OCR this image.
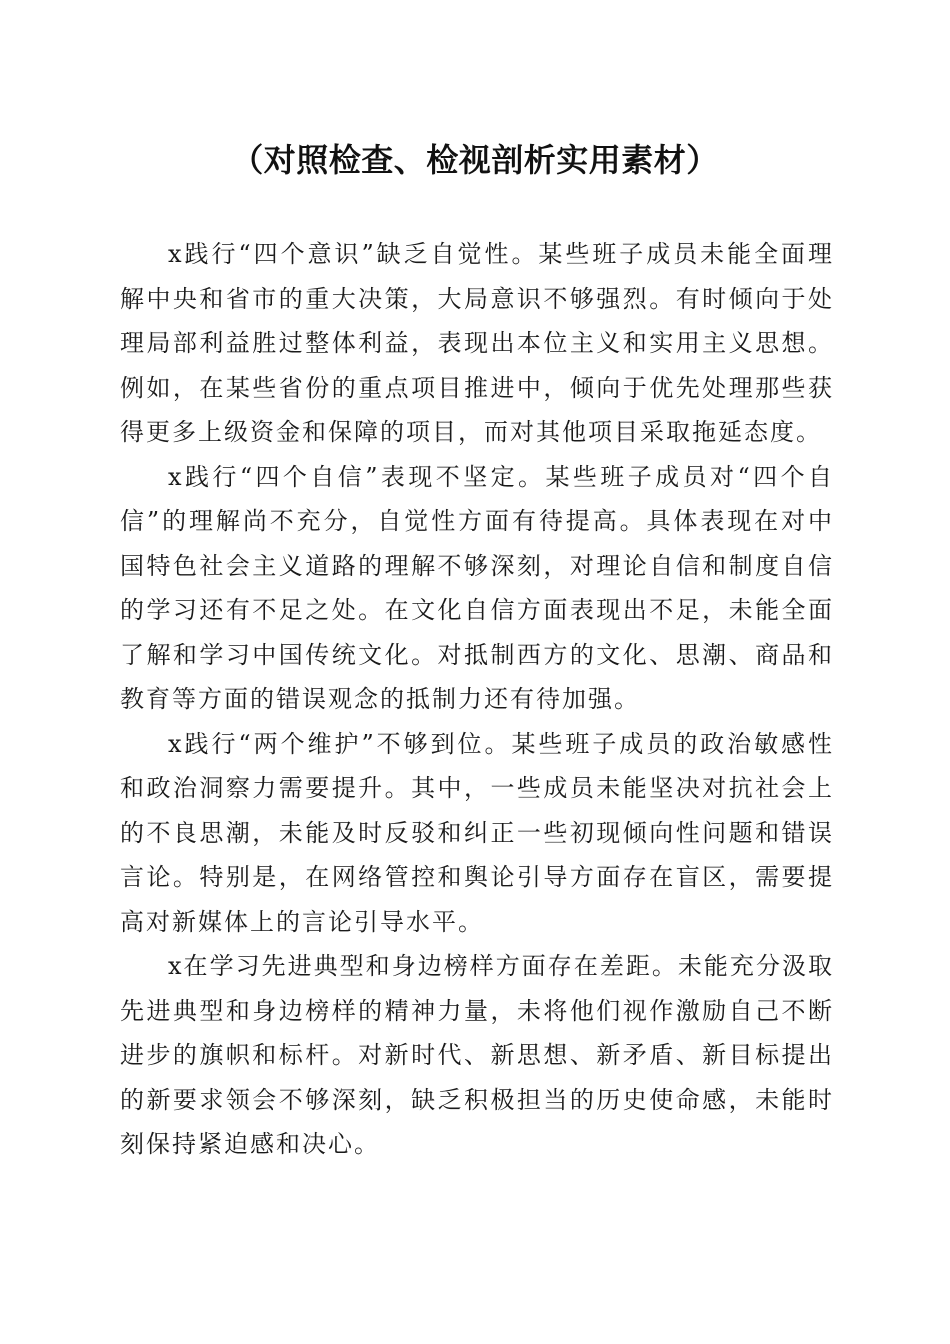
（对照检查、检视剖析实用素材）

x践行“四个意识”缺乏自觉性。某些班子成员未能全面理解中央和省市的重大决策，大局意识不够强烈。有时倾向于处理局部利益胜过整体利益，表现出本位主义和实用主义思想。例如，在某些省份的重点项目推进中，倾向于优先处理那些获得更多上级资金和保障的项目，而对其他项目采取拖延态度。

x践行“四个自信”表现不坚定。某些班子成员对“四个自信”的理解尚不充分，自觉性方面有待提高。具体表现在对中国特色社会主义道路的理解不够深刻，对理论自信和制度自信的学习还有不足之处。在文化自信方面表现出不足，未能全面了解和学习中国传统文化。对抵制西方的文化、思潮、商品和教育等方面的错误观念的抵制力还有待加强。

x践行“两个维护”不够到位。某些班子成员的政治敏感性和政治洞察力需要提升。其中，一些成员未能坚决对抗社会上的不良思潮，未能及时反驳和纠正一些初现倾向性问题和错误言论。特别是，在网络管控和舆论引导方面存在盲区，需要提高对新媒体上的言论引导水平。

x在学习先进典型和身边榜样方面存在差距。未能充分汲取先进典型和身边榜样的精神力量，未将他们视作激励自己不断进步的旗帜和标杆。对新时代、新思想、新矛盾、新目标提出的新要求领会不够深刻，缺乏积极担当的历史使命感，未能时刻保持紧迫感和决心。
